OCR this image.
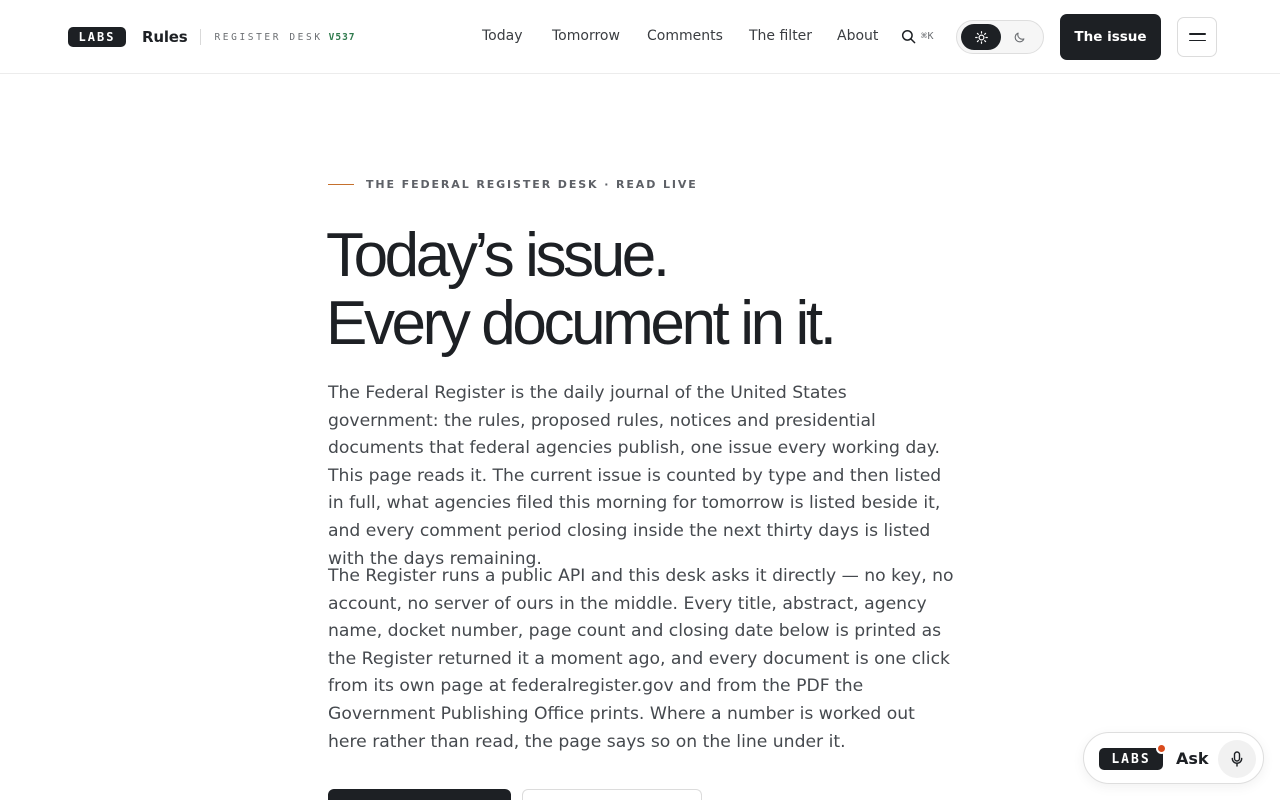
LABS Rules	REGISTER DESK V537	Today Tomorrow Comments The filter About	⌘K	The issue
THE FEDERAL REGISTER DESK · READ LIVE
Today’s issue.
Every document in it.

The Federal Register is the daily journal of the United States government: the rules, proposed rules, notices and presidential documents that federal agencies publish, one issue every working day. This page reads it. The current issue is counted by type and then listed in full, what agencies filed this morning for tomorrow is listed beside it, and every comment period closing inside the next thirty days is listed with the days remaining.

The Register runs a public API and this desk asks it directly — no key, no account, no server of ours in the middle. Every title, abstract, agency name, docket number, page count and closing date below is printed as the Register returned it a moment ago, and every document is one click from its own page at federalregister.gov and from the PDF the Government Publishing Office prints. Where a number is worked out here rather than read, the page says so on the line under it.

LABS Ask
